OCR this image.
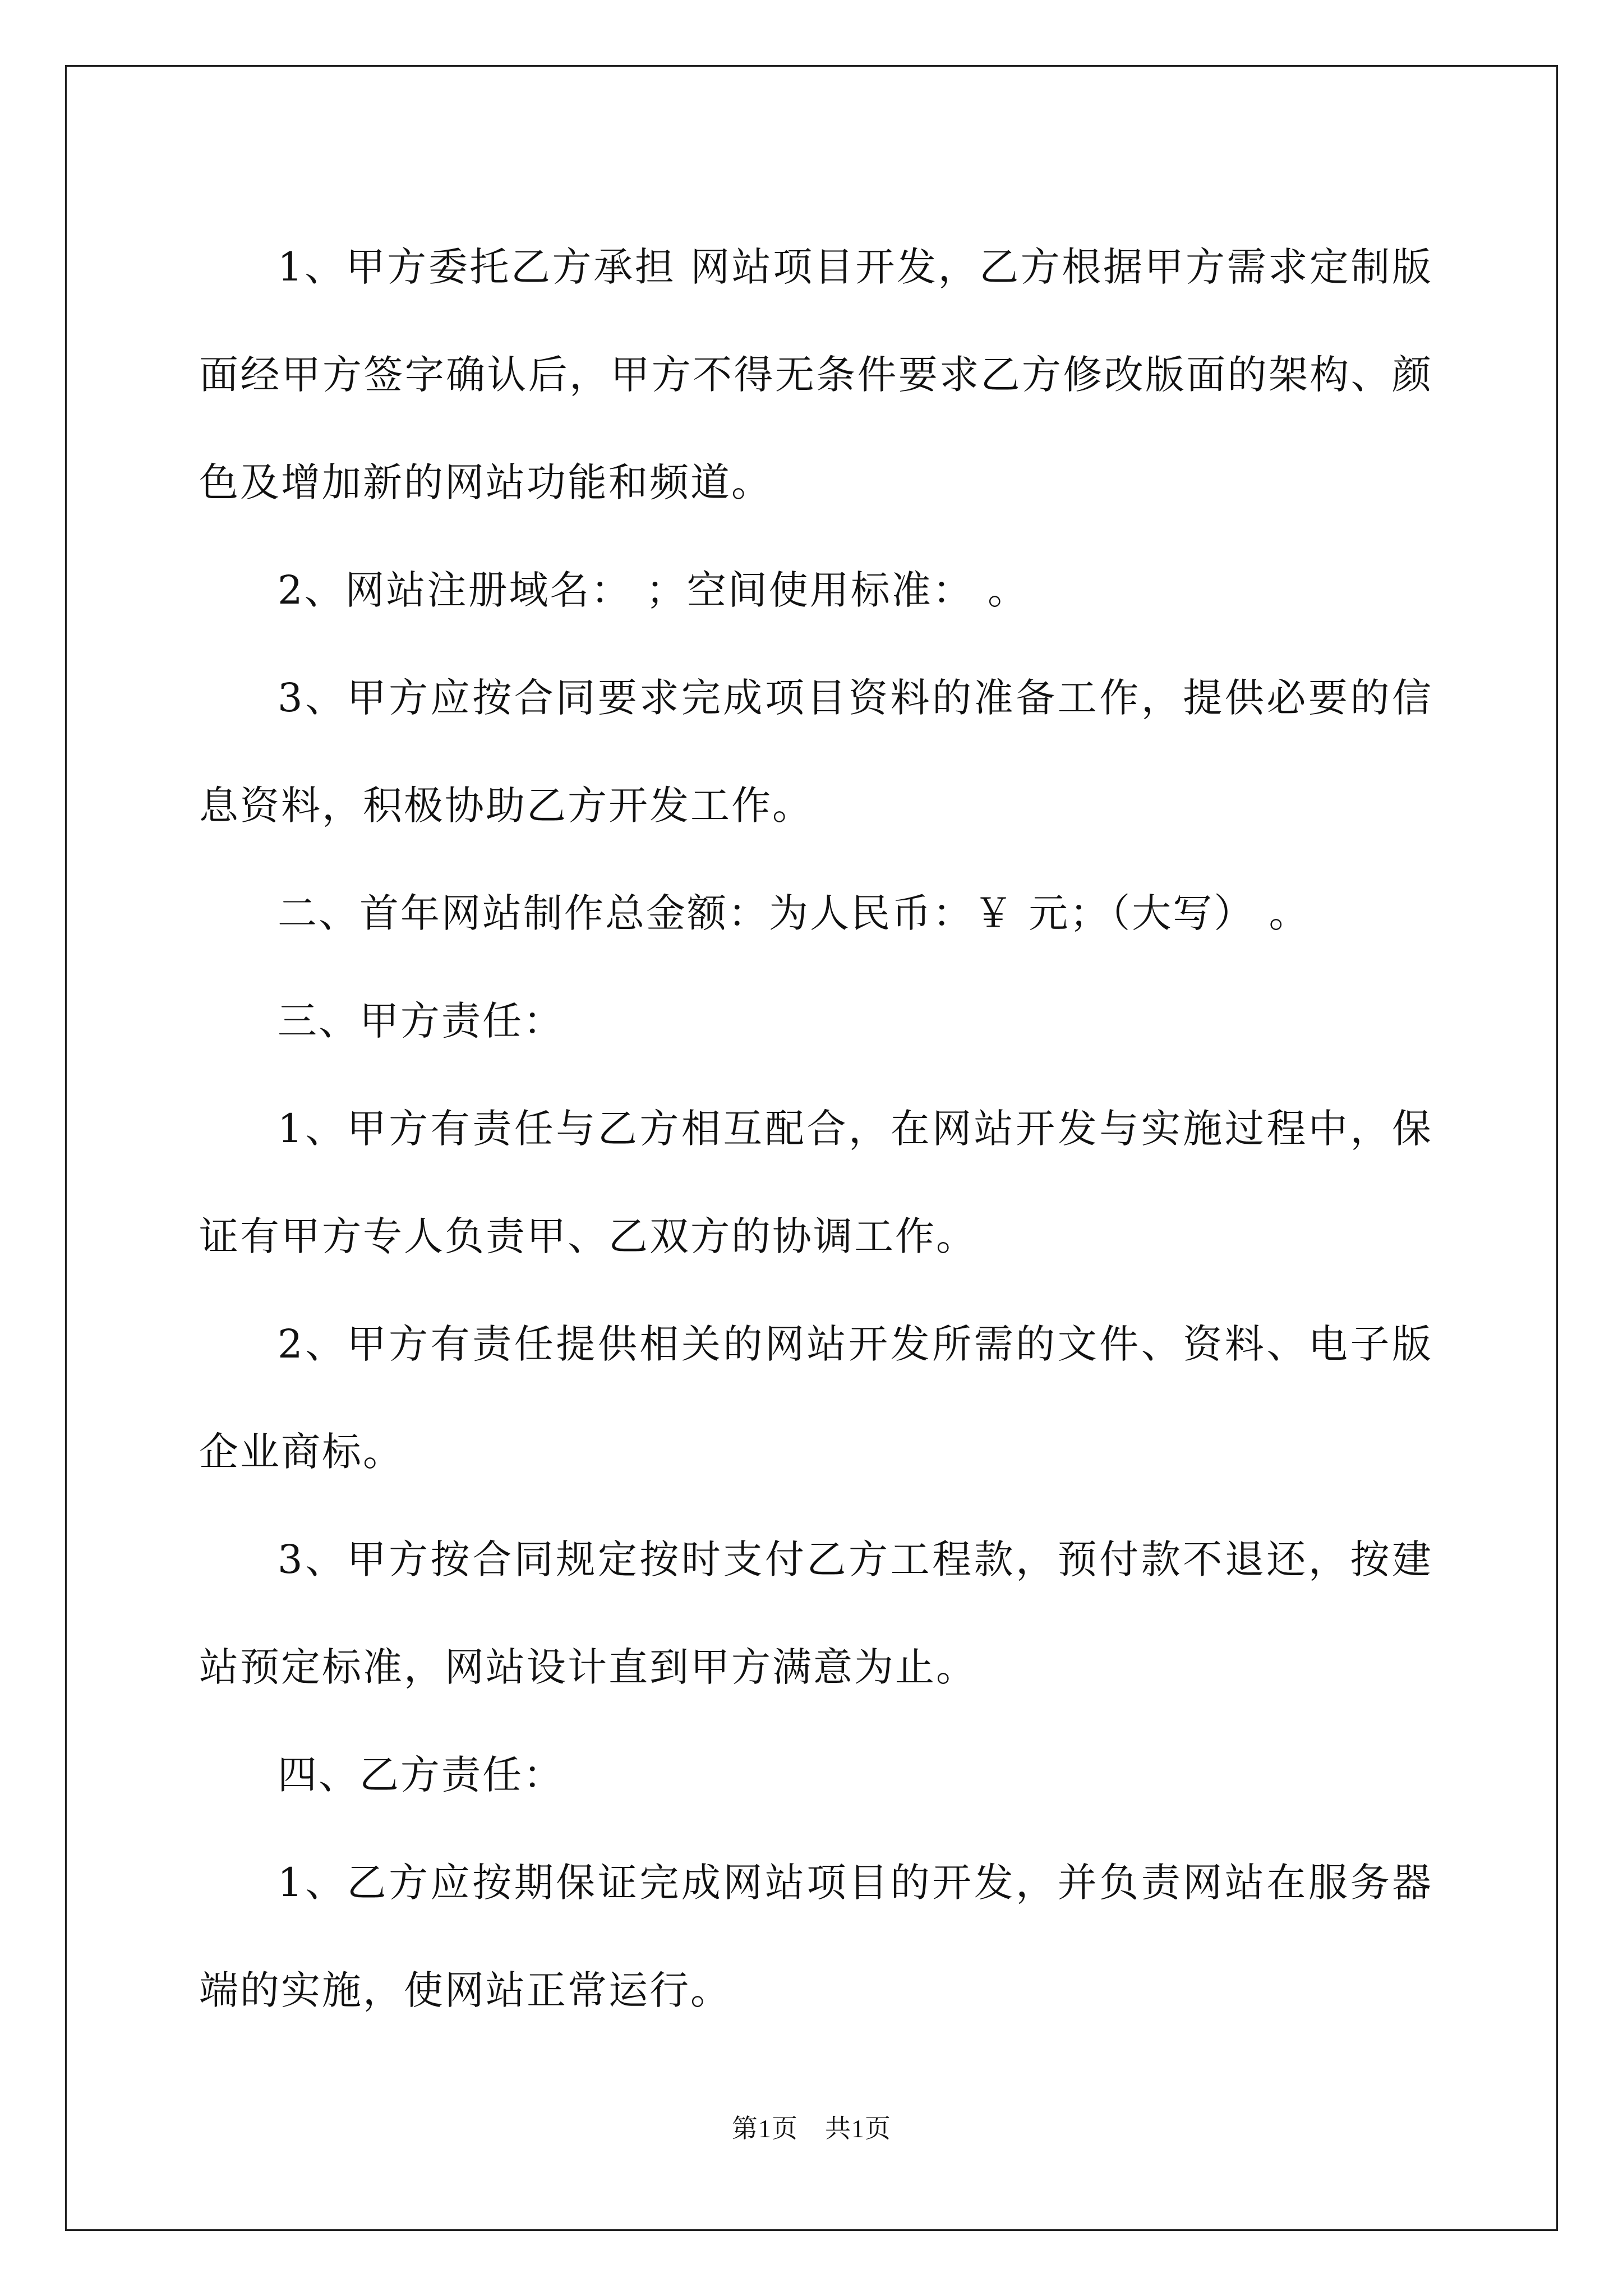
1、甲方委托乙方承担 网站项目开发，乙方根据甲方需求定制版面经甲方签字确认后，甲方不得无条件要求乙方修改版面的架构、颜色及增加新的网站功能和频道。

2、网站注册域名： ；空间使用标准： 。

3、甲方应按合同要求完成项目资料的准备工作，提供必要的信息资料，积极协助乙方开发工作。

二、首年网站制作总金额：为人民币：￥ 元；（大写） 。

三、甲方责任：

1、甲方有责任与乙方相互配合，在网站开发与实施过程中，保证有甲方专人负责甲、乙双方的协调工作。

2、甲方有责任提供相关的网站开发所需的文件、资料、电子版企业商标。

3、甲方按合同规定按时支付乙方工程款，预付款不退还，按建站预定标准，网站设计直到甲方满意为止。

四、乙方责任：

1、乙方应按期保证完成网站项目的开发，并负责网站在服务器端的实施，使网站正常运行。

第1页 共1页
